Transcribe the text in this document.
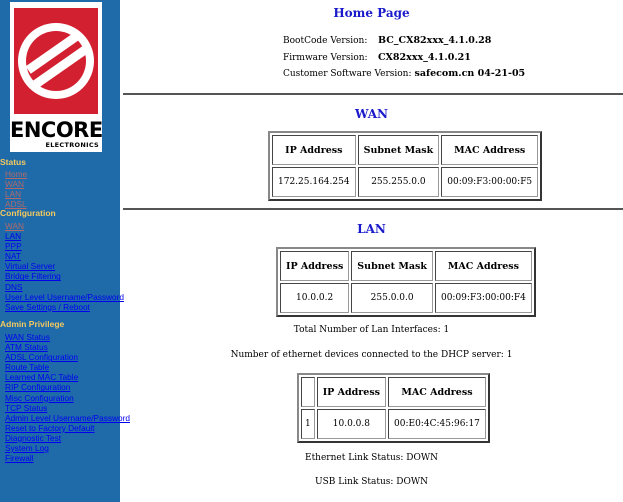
ENCORE
ELECTRONICS
Status
Home
WAN
LAN
ADSL
Configuration
WAN
LAN
PPP
NAT
Virtual Server
Bridge Filtering
DNS
User Level Username/Password
Save Settings / Reboot
Admin Privilege
WAN Status
ATM Status
ADSL Configuration
Route Table
Learned MAC Table
RIP Configuration
Misc Configuration
TCP Status
Admin Level Username/Password
Reset to Factory Default
Diagnostic Test
System Log
Firewall
Home Page
BootCode Version: BC_CX82xxx_4.1.0.28
Firmware Version: CX82xxx_4.1.0.21
Customer Software Version: safecom.cn 04-21-05
WAN
IP Address	Subnet Mask	MAC Address
172.25.164.254	255.255.0.0	00:09:F3:00:00:F5
LAN
IP Address	Subnet Mask	MAC Address
10.0.0.2	255.0.0.0	00:09:F3:00:00:F4
Total Number of Lan Interfaces: 1
Number of ethernet devices connected to the DHCP server: 1
	IP Address	MAC Address
1	10.0.0.8	00:E0:4C:45:96:17
Ethernet Link Status: DOWN
USB Link Status: DOWN
